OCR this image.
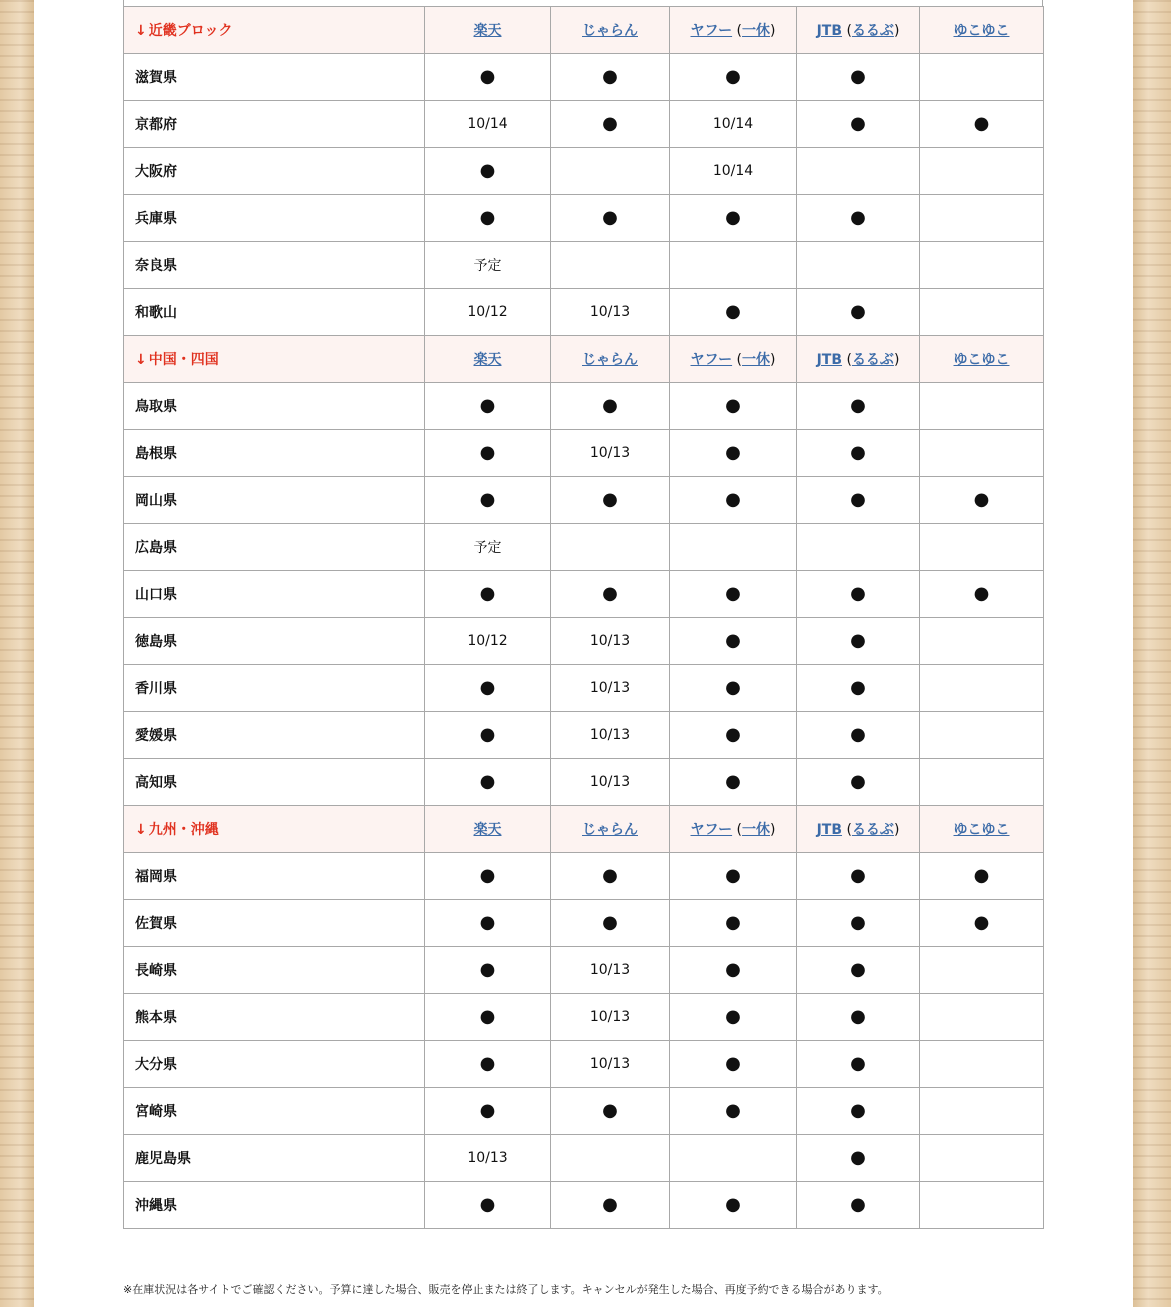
↓ 近畿ブロック	楽天	じゃらん	ヤフー (一休)	JTB (るるぶ)	ゆこゆこ
滋賀県	●	●	●	●	
京都府	10/14	●	10/14	●	●
大阪府	●		10/14		
兵庫県	●	●	●	●	
奈良県	予定				
和歌山	10/12	10/13	●	●	
↓ 中国・四国	楽天	じゃらん	ヤフー (一休)	JTB (るるぶ)	ゆこゆこ
鳥取県	●	●	●	●	
島根県	●	10/13	●	●	
岡山県	●	●	●	●	●
広島県	予定				
山口県	●	●	●	●	●
徳島県	10/12	10/13	●	●	
香川県	●	10/13	●	●	
愛媛県	●	10/13	●	●	
高知県	●	10/13	●	●	
↓ 九州・沖縄	楽天	じゃらん	ヤフー (一休)	JTB (るるぶ)	ゆこゆこ
福岡県	●	●	●	●	●
佐賀県	●	●	●	●	●
長崎県	●	10/13	●	●	
熊本県	●	10/13	●	●	
大分県	●	10/13	●	●	
宮崎県	●	●	●	●	
鹿児島県	10/13			●	
沖縄県	●	●	●	●	
※在庫状況は各サイトでご確認ください。予算に達した場合、販売を停止または終了します。キャンセルが発生した場合、再度予約できる場合があります。
